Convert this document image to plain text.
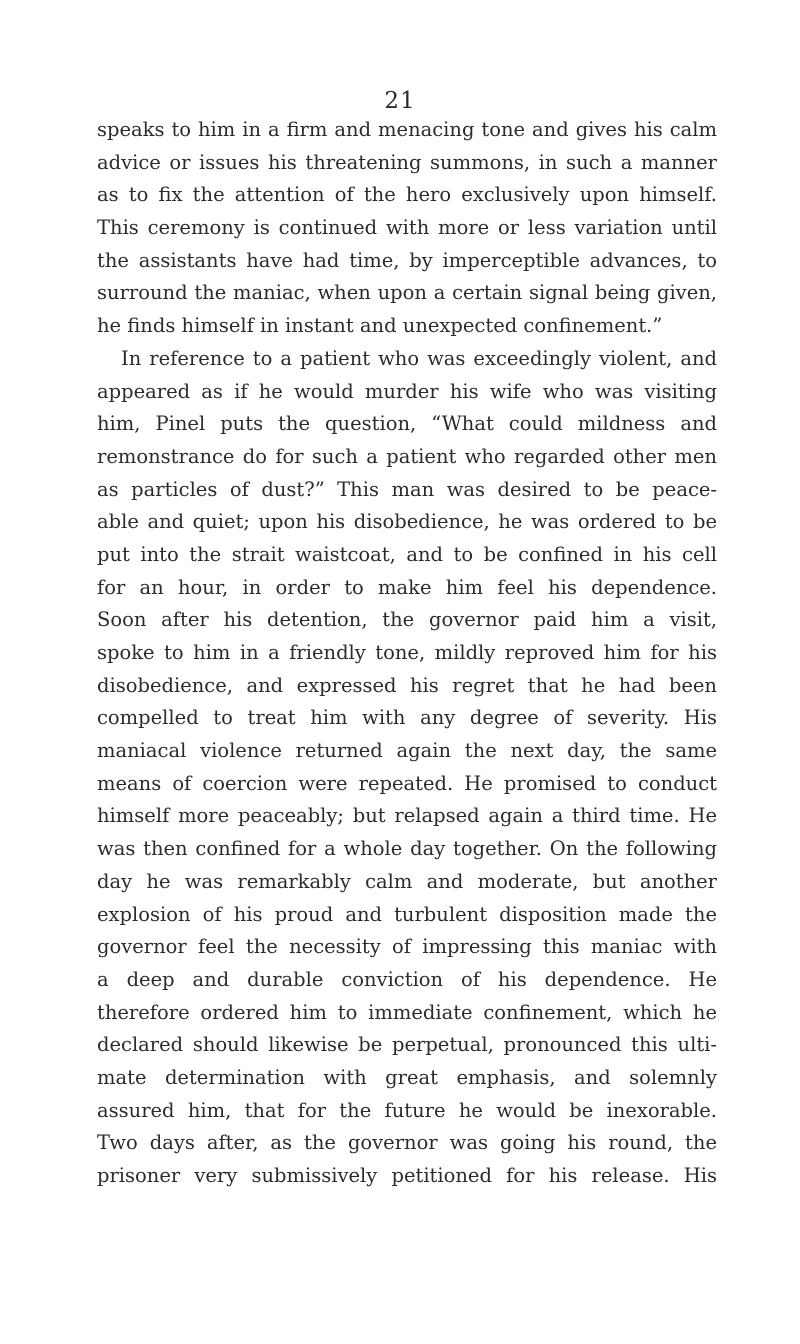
21
speaks to him in a firm and menacing tone and gives his calm
advice or issues his threatening summons, in such a manner
as to fix the attention of the hero exclusively upon himself.
This ceremony is continued with more or less variation until
the assistants have had time, by imperceptible advances, to
surround the maniac, when upon a certain signal being given,
he finds himself in instant and unexpected confinement.”
In reference to a patient who was exceedingly violent, and
appeared as if he would murder his wife who was visiting
him, Pinel puts the question, “What could mildness and
remonstrance do for such a patient who regarded other men
as particles of dust?” This man was desired to be peace-
able and quiet; upon his disobedience, he was ordered to be
put into the strait waistcoat, and to be confined in his cell
for an hour, in order to make him feel his dependence.
Soon after his detention, the governor paid him a visit,
spoke to him in a friendly tone, mildly reproved him for his
disobedience, and expressed his regret that he had been
compelled to treat him with any degree of severity. His
maniacal violence returned again the next day, the same
means of coercion were repeated. He promised to conduct
himself more peaceably; but relapsed again a third time. He
was then confined for a whole day together. On the following
day he was remarkably calm and moderate, but another
explosion of his proud and turbulent disposition made the
governor feel the necessity of impressing this maniac with
a deep and durable conviction of his dependence. He
therefore ordered him to immediate confinement, which he
declared should likewise be perpetual, pronounced this ulti-
mate determination with great emphasis, and solemnly
assured him, that for the future he would be inexorable.
Two days after, as the governor was going his round, the
prisoner very submissively petitioned for his release. His
